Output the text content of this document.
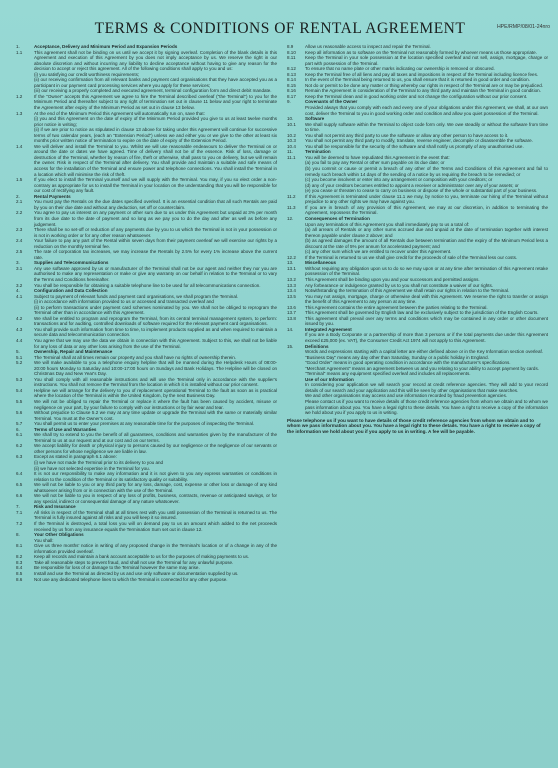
TERMS & CONDITIONS OF RENTAL AGREEMENT	HPE/RMP/08/01-24nro
1.	Acceptance, Delivery and Minimum Period and Expansion Periods
1.1	This agreement shall not be binding on us until we accept it by signing overleaf. Completion of the blank details in this Agreement and execution of this Agreement by you does not imply acceptance by us. We reserve the right in our absolute discretion and without incurring any liability to decline acceptance without having to give any reason for the decision to accept or reject this agreement. All of the following conditions shall apply to you and us:
(i) you satisfying our credit worthiness requirements;
(ii) our receiving confirmation from all relevant banks and payment card organisations that they have accepted you as a participant in our payment card processing services where you apply for these services;
(iii) our receiving a properly completed and executed agreement, terminal configuration form and direct debit mandate.
1.2	If the "Owner" accepts this Agreement we agree to hire the Terminal described overleaf ("the Terminal") to you for the Minimum Period and thereafter subject to any right of termination set out in clause 11 below and your right to terminate the Agreement after expiry of the Minimum Period as set out in clause 13 below.
1.3	At the end of the Minimum Period this Agreement will automatically run on, save that:
(i) you and this Agreement on the date of expiry of the Minimum Period provided you give to us at least twelve months prior notice in writing;
(ii) if we are prior to notice as stipulated in clause 13 above for taking under this Agreement will continue for successive terms of two calendar years, (each an "Extension Period") unless we and either you or we give to the other at least six months prior written notice of termination to expire on the date of expiry of the Extension Period.
1.4	We will deliver and install the Terminal to you. Whilst we will use reasonable endeavours to deliver the Terminal on or around the date or dates we have agreed. Time of delivery shall not be of the essence. Risk of loss, damage or destruction of the Terminal, whether by reason of fire, theft or otherwise, shall pass to you on delivery, but we will remain the owner. Risk in respect of the Terminal after delivery. You shall provide and maintain a suitable and safe means of access for the installation of the Terminal and ensure power and telephone connections. You shall install the Terminal in a location which will minimise the risk of theft.
1.5	If you elect to install the Terminal yourself and we will supply with the Terminal. You may, if you so elect order a non-contrary as appropriate for us to install the Terminal in your location on the understanding that you will be responsible for our cost of rectifying any fault.
2.	Rental Payments
2.1	You must pay the Rentals on the due dates specified overleaf. It is an essential condition that all such Rentals are paid by you on their due date and without any deduction, set off or counterclaim.
2.2	You agree to pay us interest on any payment or other sum due to us under this Agreement but unpaid at 3% per month from its due date to the date of payment and so long as we pay you to do the day and after as well as before any judgement.
2.3	There shall be no set-off or reduction of any payments due by you to us which the Terminal is not in your possession or is not in working order or for any other reason whatsoever.
2.4	Your failure to pay any part of the Rental within seven days from their payment overleaf we will exercise our rights by a reduction on the monthly terminal fee.
2.5	The rate of corporation tax increases, we may increase the Rentals by 2.5% for every 1% increase above the current rate.
3.	Supplies and Telecommunications
3.1	Any use software approved by us or manufacturer of the Terminal shall not be our agent and neither they nor you are authorised to make any representation or make or give any warranty on our behalf in relation to the Terminal or to vary the Terms and Conditions hereinafter.
3.2	You shall be responsible for obtaining a suitable telephone line to be used for all telecommunications connection.
4.	Configuration and Data Collection
4.1	Subject to payment of relevant funds and payment card organisations, we shall program the Terminal.
(i) in accordance with information provided to us or accessed and transacted overleaf and
(ii) to perform transactions under payment card schemes nominated by you. We shall not be obliged to reprogram the Terminal other than in accordance with this Agreement.
4.2	We shall be entitled to program and reprogram the Terminal, from its central terminal management system, to perform: transactions and for auditing, controlled downloads of software required for the relevant payment card organisations.
4.3	You shall provide such information from time to time, to implement products supplied as and when required to maintain a secure data and telecommunication connection.
4.4	You agree that we may use the data we obtain in connection with this Agreement. Subject to this, we shall not be liable for any loss of data or any other loss arising from the use of the Terminal.
5.	Ownership, Repair and Maintenance
5.1	The Terminal shall at all times remain our property and you shall have no rights of ownership therein.
5.2	We will make available to you a telephone enquiry helpline that will be manned during the Helpdesk Hours of 08:00-20:00 hours Monday to Saturday and 10:00-17:00 hours on Sundays and Bank Holidays. The Helpline will be closed on Christmas Day and New Year's Day.
5.3	You shall comply with all reasonable instructions and will use the Terminal only in accordance with the supplier's instructions. You shall not remove the Terminal from the location in which it is installed without our prior consent.
5.4	Helpline we will arrange for the delivery to you of replacement operational Terminal to the fault as soon as is practical where the location of the Terminal is within the United Kingdom, by the next Business Day.
5.5	We will not be obliged to repair the Terminal or replace it where the fault has been caused by accident, misuse or negligence on your part, by your failure to comply with our instructions or by fair wear and tear.
5.6	Without prejudice to Clause 5.2 we may at any time update or upgrade the Terminal with the same or materially similar Terminal. You must at the Owner's cost.
5.7	You shall permit us to enter your premises at any reasonable time for the purposes of inspecting the Terminal.
6.	Terms of Use and Warranties
6.1	We shall try to extend to you the benefit of all guarantees, conditions and warranties given by the manufacturer of the Terminal to us at our request and at our cost and on our terms.
6.2	We accept liability for death or physical injury to persons caused by our negligence or the negligence of our servants or other persons for whose negligence we are liable in law.
6.3	Except as stated in paragraph 6.1 above:
(i) we have not made the Terminal prior to its delivery to you and
(ii) we have not selected expertise in the Terminal for you.
6.4	It is not our responsibility to make any information and it is not given to you any express warranties or conditions in relation to the condition of the Terminal or its satisfactory quality or suitability.
6.5	We will not be liable to you or any third party for any loss, damage, cost, expense or other loss or damage of any kind whatsoever arising from or in connection with the use of the Terminal.
6.6	We will not be liable to you in respect of any loss of profits, business, contracts, revenue or anticipated savings, or for any special, indirect or consequential damage of any nature whatsoever.
7.	Risk and Insurance
7.1	All risks in respect of the Terminal shall at all times rest with you until possession of the Terminal is returned to us. The Terminal is fully insured against all risks and you will keep it so insured.
7.2	If the Terminal is destroyed, a total loss you will on demand pay to us an amount which added to the net proceeds received by us from any insurance equals the Termination Sum set out in clause 12.
8.	Your Other Obligations
You shall:
8.1	Give us three months' notice in writing of any proposed change in the Terminal's location or of a change in any of the information provided overleaf.
8.2	Keep all records and maintain a bank account acceptable to us for the purposes of making payments to us.
8.3	Take all reasonable steps to prevent fraud, and shall not use the Terminal for any unlawful purpose.
8.4	Be responsible for loss of or damage to the Terminal however the same may arise.
8.5	Install and use the Terminal as directed by us and use only software or documentation supplied by us.
8.6	Not use any dedicated telephone lines to which the Terminal is connected for any other purpose.
8.9	Allow us reasonable access to inspect and repair the Terminal.
8.10	Keep all information as to software on the Terminal not reasonably formed by whoever means us those appropriate.
8.11	Keep the Terminal in your sole possession at the location specified overleaf and not sell, assign, mortgage, charge or part with possession of the Terminal.
8.12	To ensure that no name plate or other marks indicating our ownership is removed or obscured.
8.13	Keep the Terminal free of all liens and pay all taxes and impositions in respect of the Terminal including licence fees.
8.14	In the event of the Terminal being returned to us, you shall ensure that it is returned in good order and condition.
8.15	Not do or permit to be done any matter or thing whereby our rights in respect of the Terminal are or may be prejudiced.
8.16	Remain the Agreement in consideration of the Terminal to any third party and maintain the Terminal in good condition.
8.17	Keep the Terminal clean and in good working order and not change the configuration without our prior consent.
9.	Covenants of the Owner
Provided always that you comply with each and every one of your obligations under this Agreement, we shall, at our own cost, deliver the Terminal to you in good working order and condition and allow you quiet possession of the Terminal.
10.	Software
10.1	We shall supply software within the Terminal to object code form only. We owe steadily or without the software from time to time.
10.2	You shall not permit any third party to use the software or allow any other person to have access to it.
10.3	You shall not permit any third party to modify, translate, reverse engineer, decompile or disassemble the software.
10.4	You shall be responsible for the security of the software and shall notify us promptly of any unauthorised use.
11.	Termination
11.1	You will be deemed to have repudiated this Agreement in the event that:
(a) you fail to pay any Rental or other sum payable on its due date; or
(b) you commit or cause or permit a breach of any other of the Terms and Conditions of this Agreement and fail to remedy such breach within 14 days of the sending of a notice by us requiring the breach to be remedied; or
(c) you become insolvent or enter into any arrangement or composition with your creditors; or
(d) any of your creditors becomes entitled to appoint a receiver or administrator over any of your assets; or
(e) you cease or threaten to cease to carry on business or dispose of the whole or substantial part of your business.
11.2	If this Agreement is terminated under clause 11.1 we may, by notice to you, terminate our hiring of the Terminal without prejudice to any other rights we may have against you.
11.3	If you are in breach of any provision of this Agreement, we may at our discretion, in addition to terminating the Agreement, repossess the Terminal.
12.	Consequences of Termination
Upon any termination of this Agreement you shall immediately pay to us a total of:
(a) all arrears of Rentals or any other sums accrued due and unpaid at the date of termination together with interest thereon payable under clause 2 above; and
(b) as agreed damages the amount of all Rentals due between termination and the expiry of the Minimum Period less a discount at the rate of 5% per annum for accelerated payment; and
(c) any other sum which we are entitled to recover under this Agreement.
12.2	If the Terminal is returned to us we shall give credit for the proceeds of sale of the Terminal less our costs.
13.	Miscellaneous
13.1	Without requiring any obligation upon us to do so we may upon or at any time after termination of this Agreement retake possession of the Terminal.
13.2	This Agreement shall be binding upon you and your successors and permitted assigns.
13.3	Any forbearance or indulgence granted by us to you shall not constitute a waiver of our rights.
13.4	Notwithstanding the termination of this Agreement we shall retain our rights in relation to the Terminal.
13.5	You may not assign, mortgage, charge or otherwise deal with this Agreement. We reserve the right to transfer or assign the benefit of this Agreement to any person at any time.
13.6	This Agreement contains the entire agreement between the parties relating to the Terminal.
13.7	This Agreement shall be governed by English law and be exclusively subject to the jurisdiction of the English Courts.
13.8	This agreement shall prevail over any terms and conditions which may be contained in any order or other document issued by you.
14.	Integrated Agreement
If you are a Body Corporate or a partnership of more than 3 persons or if the total payments due under this Agreement exceed £25,000 (ex. VAT), the Consumer Credit Act 1974 will not apply to this Agreement.
15.	Definitions
Words and expressions starting with a capital letter are either defined above or in the Key Information section overleaf.
"Business Day" means any day other than Saturday, Sunday or a public holiday in England.
"Good Order" means in good operating condition in accordance with the manufacturer's specifications.
"Merchant Agreement" means an agreement between us and you relating to your ability to accept payment by cards.
"Terminal" means any equipment specified overleaf and includes all replacements.
Use of our Information
In considering your application we will search your record at credit reference agencies. They will add to your record details of our search and your application and this will be seen by other organisations that make searches.
We and other organisations may access and use information recorded by fraud prevention agencies.
Please contact us if you want to receive details of those credit reference agencies from whom we obtain and to whom we pass information about you. You have a legal right to these details. You have a right to receive a copy of the information we hold about you if you apply to us in writing.
Please telephone us if you want to have details of those credit reference agencies from whom we obtain and to whom we pass information about you. You have a legal right to these details. You have a right to receive a copy of the information we hold about you if you apply to us in writing. A fee will be payable.
